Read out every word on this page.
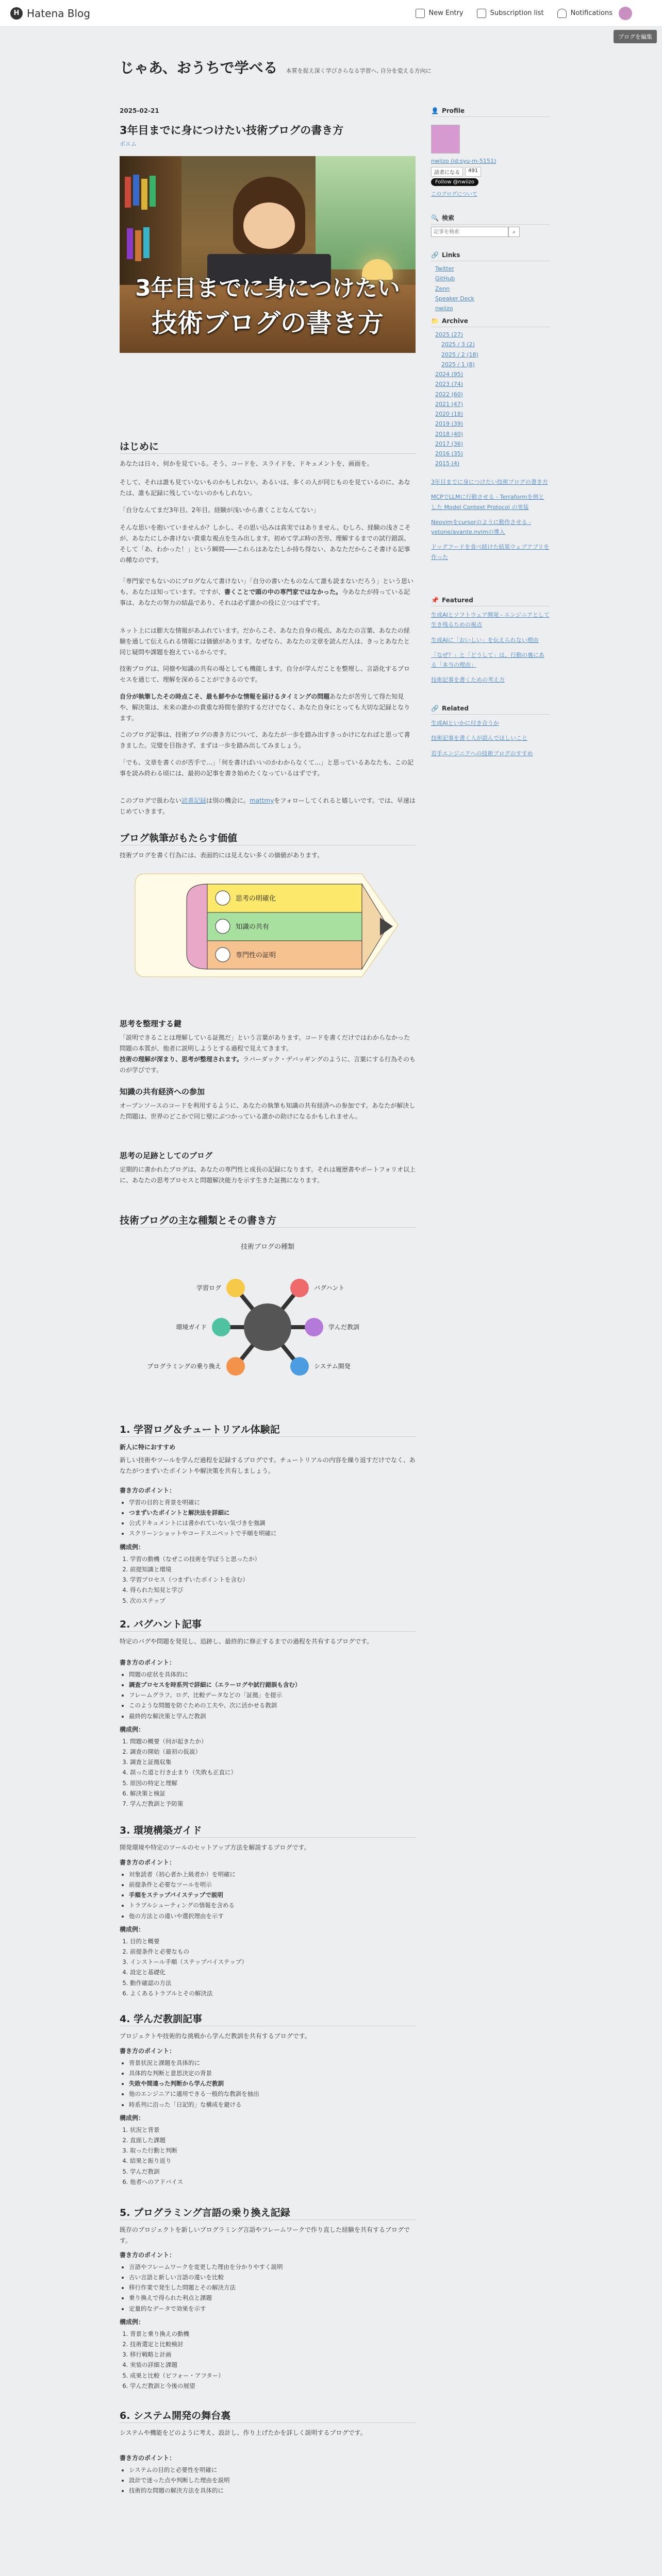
H Hatena Blog	New Entry	Subscription list	Notifications
ブログを編集
じゃあ、おうちで学べる 本質を捉え深く学びさらなる学習へ, 自分を変える方向に
2025-02-21
3年目までに身につけたい技術ブログの書き方
ポエム
3年目までに身につけたい
技術ブログの書き方
はじめに

あなたは日々、何かを見ている。そう、コードを、スライドを、ドキュメントを、画面を。

そして、それは誰も見ていないものかもしれない。あるいは、多くの人が同じものを見ているのに、あなたは、誰も記録に残していないのかもしれない。

「自分なんてまだ3年目、2年目。経験が浅いから書くことなんてない」

そんな思いを抱いていませんか？しかし、その思い込みは真実ではありません。むしろ、経験の浅さこそが、あなたにしか書けない貴重な視点を生み出します。初めて学ぶ時の苦労、理解するまでの試行錯誤、そして「あ、わかった！」という瞬間――これらはあなたしか持ち得ない、あなただからこそ書ける記事の種なのです。

「専門家でもないのにブログなんて書けない」「自分の書いたものなんて誰も読まないだろう」という思いも、あなたは知っています。ですが、書くことで頭の中の専門家ではなかった。今あなたが持っている記事は、あなたの努力の結晶であり、それは必ず誰かの役に立つはずです。

ネット上には膨大な情報があふれています。だからこそ、あなた自身の視点、あなたの言葉、あなたの経験を通して伝えられる情報には価値があります。なぜなら、あなたの文章を読んだ人は、きっとあなたと同じ疑問や課題を抱えているからです。

技術ブログは、同僚や知識の共有の場としても機能します。自分が学んだことを整理し、言語化するプロセスを通じて、理解を深めることができるのです。

自分が執筆したその時点こそ、最も鮮やかな情報を届けるタイミングの問題あなたが苦労して得た知見や、解決策は、未来の誰かの貴重な時間を節約するだけでなく、あなた自身にとっても大切な記録となります。

このブログ記事は、技術ブログの書き方について、あなたが一歩を踏み出すきっかけになればと思って書きました。完璧を目指さず、まずは一歩を踏み出してみましょう。

「でも、文章を書くのが苦手で…」「何を書けばいいのかわからなくて…」と思っているあなたも、この記事を読み終わる頃には、最初の記事を書き始めたくなっているはずです。

このブログで扱わない読書記録は別の機会に。mattmyをフォローしてくれると嬉しいです。では、早速はじめていきます。

ブログ執筆がもたらす価値

技術ブログを書く行為には、表面的には見えない多くの価値があります。

思考の明確化
知識の共有
専門性の証明
思考を整理する鍵

「説明できることは理解している証拠だ」という言葉があります。コードを書くだけではわからなかった問題の本質が、他者に説明しようとする過程で見えてきます。

技術の理解が深まり、思考が整理されます。ラバーダック・デバッギングのように、言葉にする行為そのものが学びです。

知識の共有経済への参加

オープンソースのコードを利用するように、あなたの執筆も知識の共有経済への参加です。あなたが解決した問題は、世界のどこかで同じ壁にぶつかっている誰かの助けになるかもしれません。

思考の足跡としてのブログ

定期的に書かれたブログは、あなたの専門性と成長の記録になります。それは履歴書やポートフォリオ以上に、あなたの思考プロセスと問題解決能力を示す生きた証拠になります。

技術ブログの主な種類とその書き方
技術ブログの種類
学習ログ	バグハント
環境ガイド	学んだ教訓
プログラミングの乗り換え	システム開発
1. 学習ログ＆チュートリアル体験記
新人に特におすすめ

新しい技術やツールを学んだ過程を記録するブログです。チュートリアルの内容を繰り返すだけでなく、あなたがつまずいたポイントや解決策を共有しましょう。

書き方のポイント：
• 学習の目的と背景を明確に
• つまずいたポイントと解決法を詳細に
• 公式ドキュメントには書かれていない気づきを強調
• スクリーンショットやコードスニペットで手順を明確に
構成例：
1. 学習の動機（なぜこの技術を学ぼうと思ったか）
2. 前提知識と環境
3. 学習プロセス（つまずいたポイントを含む）
4. 得られた知見と学び
5. 次のステップ
2. バグハント記事

特定のバグや問題を発見し、追跡し、最終的に修正するまでの過程を共有するブログです。

書き方のポイント：
• 問題の症状を具体的に
• 調査プロセスを時系列で詳細に（エラーログや試行錯誤も含む）
• フレームグラフ、ログ、比較データなどの「証拠」を提示
• このような問題を防ぐための工夫や、次に活かせる教訓
• 最終的な解決策と学んだ教訓
構成例：
1. 問題の概要（何が起きたか）
2. 調査の開始（最初の仮説）
3. 調査と証拠収集
4. 誤った道と行き止まり（失敗も正直に）
5. 原因の特定と理解
6. 解決策と検証
7. 学んだ教訓と予防策
3. 環境構築ガイド

開発環境や特定のツールのセットアップ方法を解説するブログです。

書き方のポイント：
• 対象読者（初心者か上級者か）を明確に
• 前提条件と必要なツールを明示
• 手順をステップバイステップで説明
• トラブルシューティングの情報を含める
• 他の方法との違いや選択理由を示す
構成例：
1. 目的と概要
2. 前提条件と必要なもの
3. インストール手順（ステップバイステップ）
4. 設定と基礎化
5. 動作確認の方法
6. よくあるトラブルとその解決法
4. 学んだ教訓記事

プロジェクトや技術的な挑戦から学んだ教訓を共有するブログです。

書き方のポイント：
• 背景状況と課題を具体的に
• 具体的な判断と意思決定の背景
• 失敗や間違った判断から学んだ教訓
• 他のエンジニアに適用できる一般的な教訓を抽出
• 時系列に沿った「日記的」な構成を避ける
構成例：
1. 状況と背景
2. 直面した課題
3. 取った行動と判断
4. 結果と振り返り
5. 学んだ教訓
6. 他者へのアドバイス
5. プログラミング言語の乗り換え記録

既存のプロジェクトを新しいプログラミング言語やフレームワークで作り直した経験を共有するブログです。

書き方のポイント：
• 言語やフレームワークを変更した理由を分かりやすく説明
• 古い言語と新しい言語の違いを比較
• 移行作業で発生した問題とその解決方法
• 乗り換えで得られた利点と課題
• 定量的なデータで効果を示す
構成例：
1. 背景と乗り換えの動機
2. 技術選定と比較検討
3. 移行戦略と計画
4. 実装の詳細と課題
5. 成果と比較（ビフォー・アフター）
6. 学んだ教訓と今後の展望
6. システム開発の舞台裏

システムや機能をどのように考え、設計し、作り上げたかを詳しく説明するブログです。

書き方のポイント：
• システムの目的と必要性を明確に
• 設計で迷った点や判断した理由を説明
• 技術的な問題の解決方法を具体的に
👤 Profile
nwiizo (id:syu-m-5151)
読者になる	491
Follow @nwiizo
このブログについて
🔍 検索
記事を検索
⌕
🔗 Links
Twitter
GitHub
Zenn
Speaker Deck
nwiizo
📁 Archive
2025 (27)
2025 / 3 (2)
2025 / 2 (18)
2025 / 1 (8)
2024 (95)
2023 (74)
2022 (60)
2021 (47)
2020 (18)
2019 (39)
2018 (40)
2017 (36)
2016 (35)
2015 (4)
3年目までに身につけたい技術ブログの書き方
MCPでLLMに行動させる - Terraformを例とした Model Context Protocol の実装
Neovimをcursorのように動作させる - yetone/avante.nvimの導入
ドッグフードを食べ続けた結果ウェブアプリを作った
📌 Featured
生成AIとソフトウェア開発 - エンジニアとして生き残るための視点
生成AIに「おいしい」を伝えられない理由
「なぜ？」と「どうして」は、行動の裏にある「本当の理由」
技術記事を書くための考え方
🔗 Related
生成AIといかに付き合うか
技術記事を書く人が読んでほしいこと
若手エンジニアへの技術ブログのすすめ
